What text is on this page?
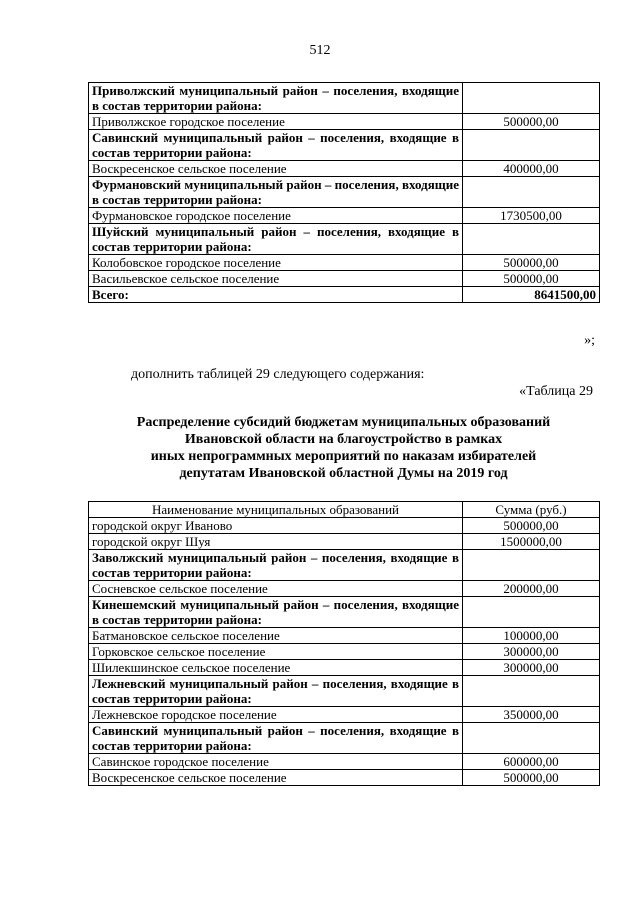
512
Приволжский муниципальный район – поселения, входящие в состав территории района:	
Приволжское городское поселение	500000,00
Савинский муниципальный район – поселения, входящие в состав территории района:	
Воскресенское сельское поселение	400000,00
Фурмановский муниципальный район – поселения, входящие в состав территории района:	
Фурмановское городское поселение	1730500,00
Шуйский муниципальный район – поселения, входящие в состав территории района:	
Колобовское городское поселение	500000,00
Васильевское сельское поселение	500000,00
Всего:	8641500,00
»;
дополнить таблицей 29 следующего содержания:
«Таблица 29
Распределение субсидий бюджетам муниципальных образований
Ивановской области на благоустройство в рамках
иных непрограммных мероприятий по наказам избирателей
депутатам Ивановской областной Думы на 2019 год
Наименование муниципальных образований	Сумма (руб.)
городской округ Иваново	500000,00
городской округ Шуя	1500000,00
Заволжский муниципальный район – поселения, входящие в состав территории района:	
Сосневское сельское поселение	200000,00
Кинешемский муниципальный район – поселения, входящие в состав территории района:	
Батмановское сельское поселение	100000,00
Горковское сельское поселение	300000,00
Шилекшинское сельское поселение	300000,00
Лежневский муниципальный район – поселения, входящие в состав территории района:	
Лежневское городское поселение	350000,00
Савинский муниципальный район – поселения, входящие в состав территории района:	
Савинское городское поселение	600000,00
Воскресенское сельское поселение	500000,00
